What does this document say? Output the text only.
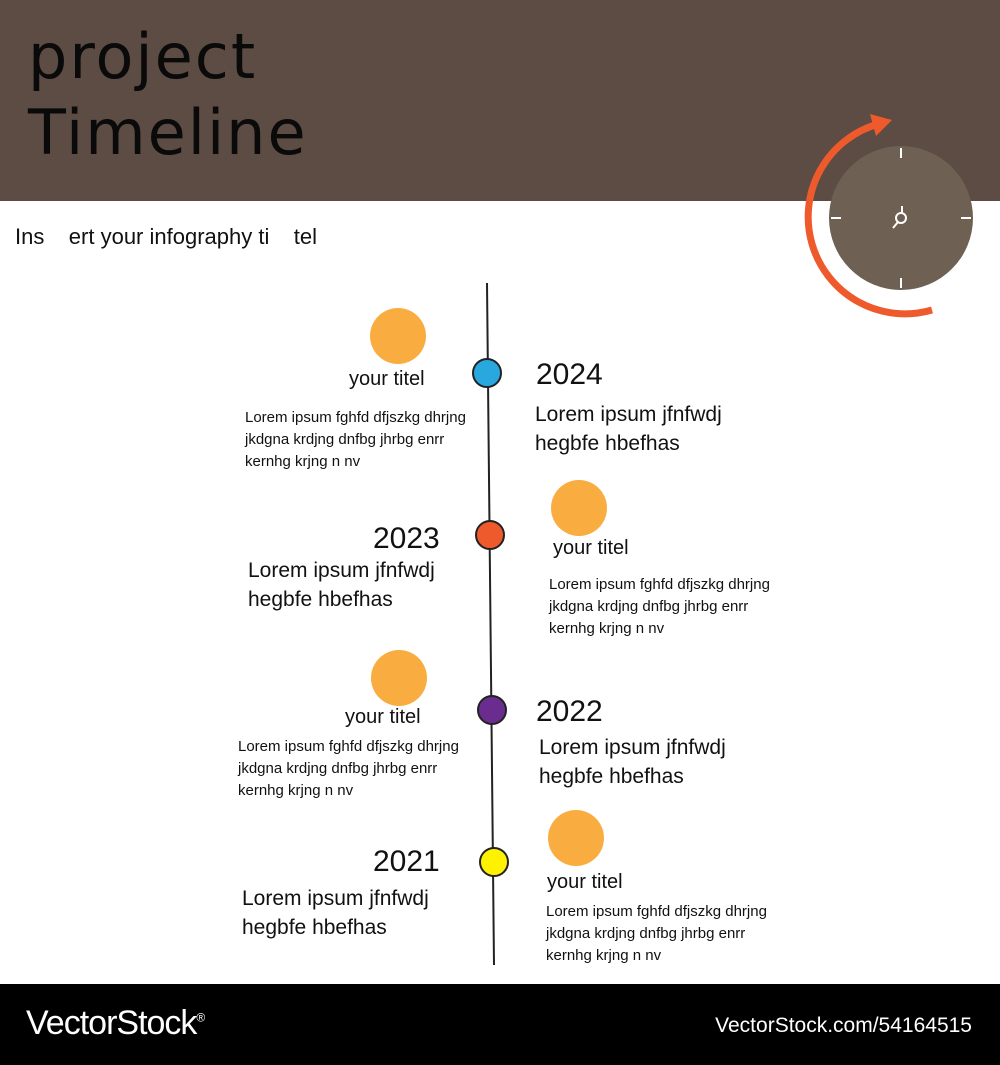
project
Timeline
Ins    ert your infography ti    tel
your titel
Lorem ipsum fghfd dfjszkg dhrjng jkdgna krdjng dnfbg jhrbg enrr kernhg krjng n nv
2024
Lorem ipsum jfnfwdj hegbfe hbefhas
2023
Lorem ipsum jfnfwdj hegbfe hbefhas
your titel
Lorem ipsum fghfd dfjszkg dhrjng jkdgna krdjng dnfbg jhrbg enrr kernhg krjng n nv
your titel
Lorem ipsum fghfd dfjszkg dhrjng jkdgna krdjng dnfbg jhrbg enrr kernhg krjng n nv
2022
Lorem ipsum jfnfwdj hegbfe hbefhas
2021
Lorem ipsum jfnfwdj hegbfe hbefhas
your titel
Lorem ipsum fghfd dfjszkg dhrjng jkdgna krdjng dnfbg jhrbg enrr kernhg krjng n nv
VectorStock®	VectorStock.com/54164515
